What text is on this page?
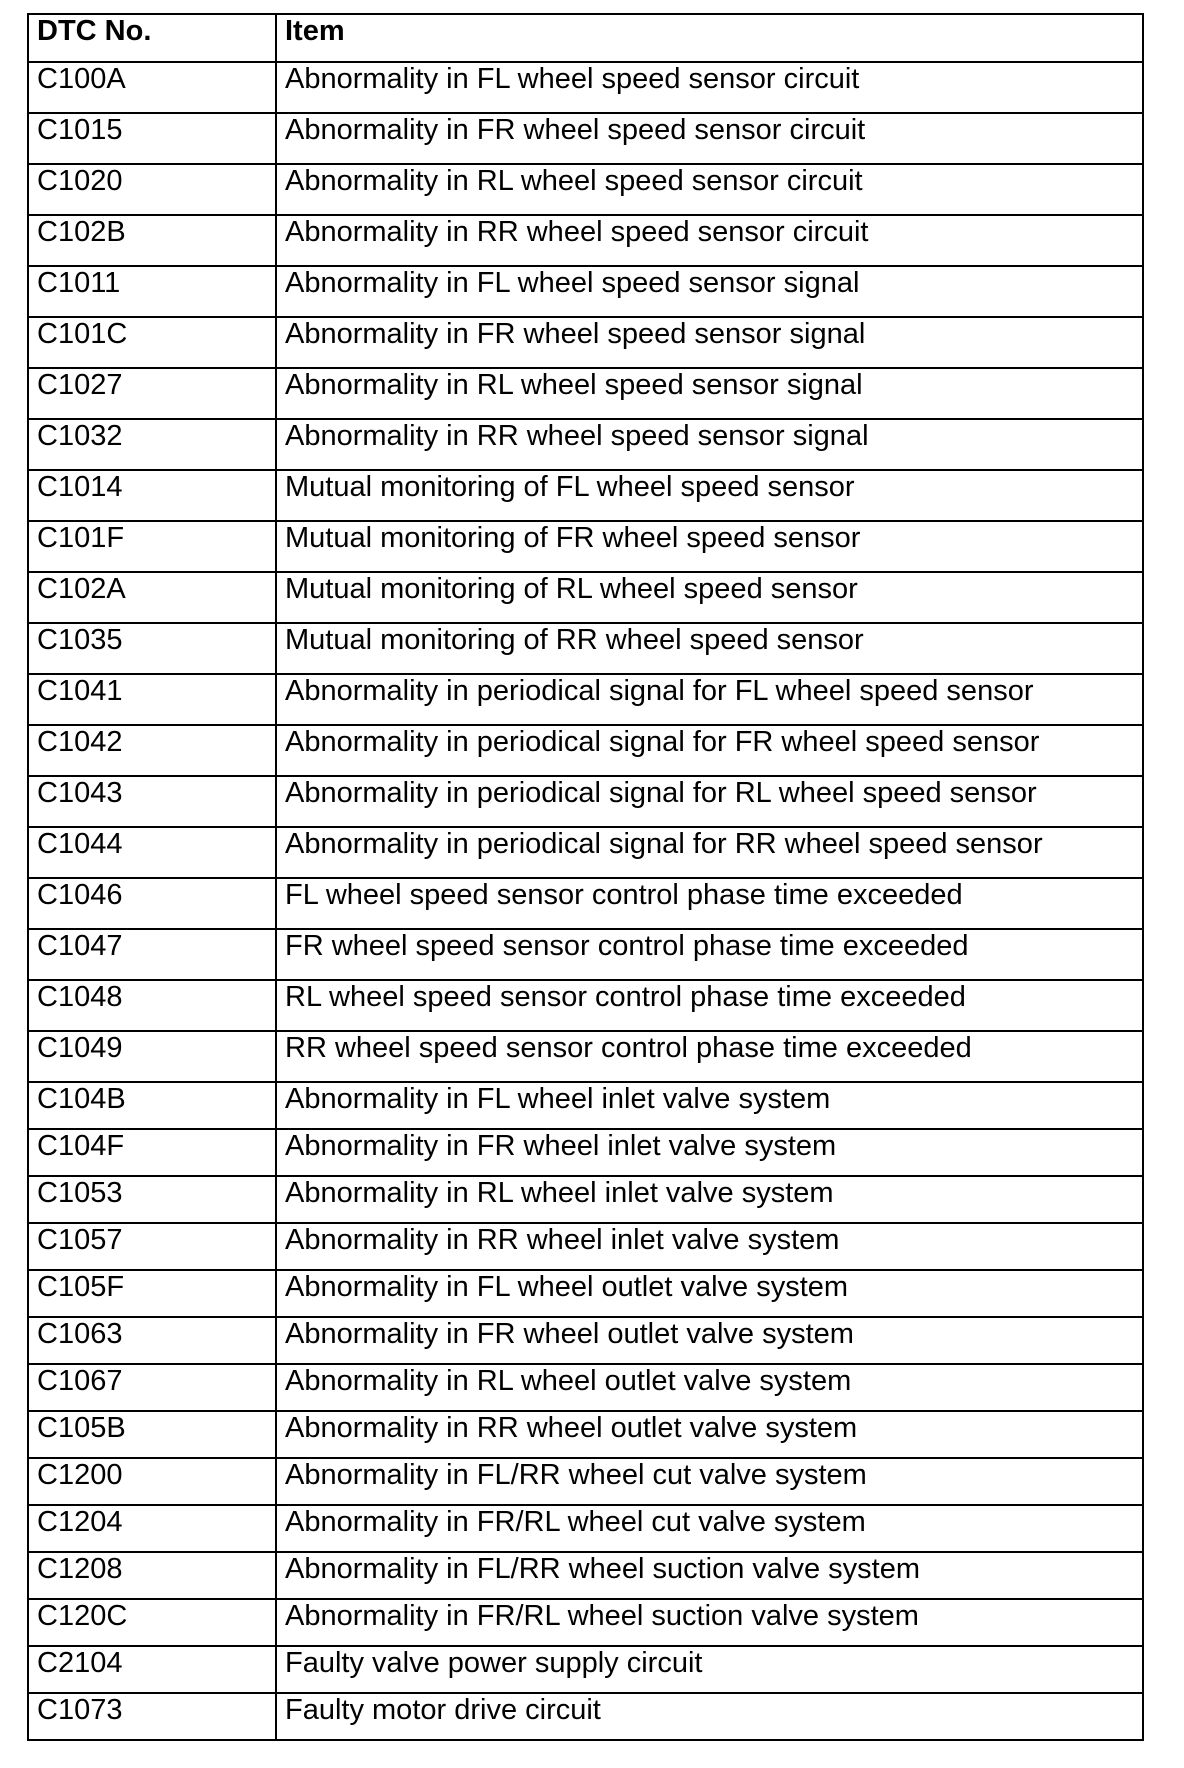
DTC No.	Item
C100A	Abnormality in FL wheel speed sensor circuit
C1015	Abnormality in FR wheel speed sensor circuit
C1020	Abnormality in RL wheel speed sensor circuit
C102B	Abnormality in RR wheel speed sensor circuit
C1011	Abnormality in FL wheel speed sensor signal
C101C	Abnormality in FR wheel speed sensor signal
C1027	Abnormality in RL wheel speed sensor signal
C1032	Abnormality in RR wheel speed sensor signal
C1014	Mutual monitoring of FL wheel speed sensor
C101F	Mutual monitoring of FR wheel speed sensor
C102A	Mutual monitoring of RL wheel speed sensor
C1035	Mutual monitoring of RR wheel speed sensor
C1041	Abnormality in periodical signal for FL wheel speed sensor
C1042	Abnormality in periodical signal for FR wheel speed sensor
C1043	Abnormality in periodical signal for RL wheel speed sensor
C1044	Abnormality in periodical signal for RR wheel speed sensor
C1046	FL wheel speed sensor control phase time exceeded
C1047	FR wheel speed sensor control phase time exceeded
C1048	RL wheel speed sensor control phase time exceeded
C1049	RR wheel speed sensor control phase time exceeded
C104B	Abnormality in FL wheel inlet valve system
C104F	Abnormality in FR wheel inlet valve system
C1053	Abnormality in RL wheel inlet valve system
C1057	Abnormality in RR wheel inlet valve system
C105F	Abnormality in FL wheel outlet valve system
C1063	Abnormality in FR wheel outlet valve system
C1067	Abnormality in RL wheel outlet valve system
C105B	Abnormality in RR wheel outlet valve system
C1200	Abnormality in FL/RR wheel cut valve system
C1204	Abnormality in FR/RL wheel cut valve system
C1208	Abnormality in FL/RR wheel suction valve system
C120C	Abnormality in FR/RL wheel suction valve system
C2104	Faulty valve power supply circuit
C1073	Faulty motor drive circuit
